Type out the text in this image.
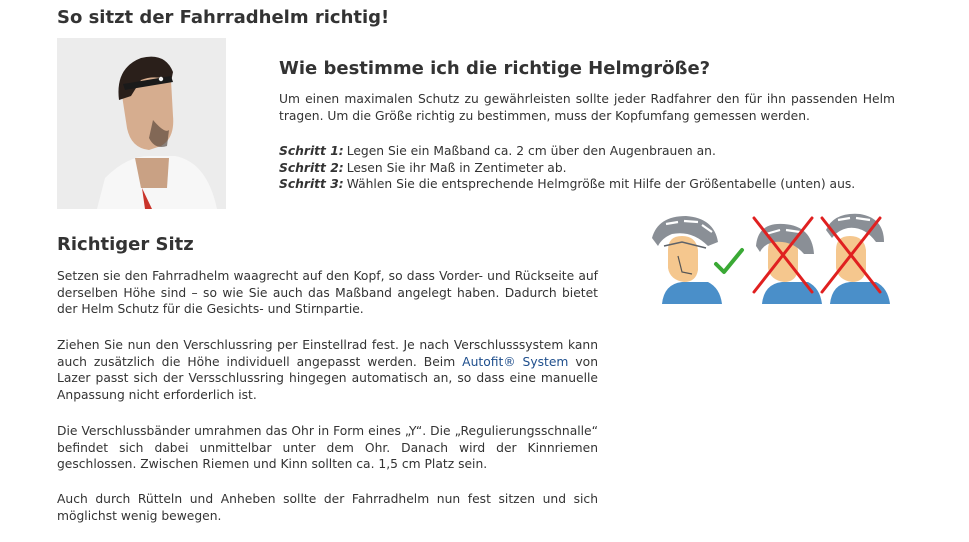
So sitzt der Fahrradhelm richtig!
Wie bestimme ich die richtige Helmgröße?
Um einen maximalen Schutz zu gewährleisten sollte jeder Radfahrer den für ihn passenden Helm tragen. Um die Größe richtig zu bestimmen, muss der Kopfumfang gemessen werden.
Schritt 1: Legen Sie ein Maßband ca. 2 cm über den Augenbrauen an.
Schritt 2: Lesen Sie ihr Maß in Zentimeter ab.
Schritt 3: Wählen Sie die entsprechende Helmgröße mit Hilfe der Größentabelle (unten) aus.
Richtiger Sitz
Setzen sie den Fahrradhelm waagrecht auf den Kopf, so dass Vorder- und Rückseite auf derselben Höhe sind – so wie Sie auch das Maßband angelegt haben. Dadurch bietet der Helm Schutz für die Gesichts- und Stirnpartie.
Ziehen Sie nun den Verschlussring per Einstellrad fest. Je nach Verschlusssystem kann auch zusätzlich die Höhe individuell angepasst werden. Beim Autofit® System von Lazer passt sich der Versschlussring hingegen automatisch an, so dass eine manuelle Anpassung nicht erforderlich ist.
Die Verschlussbänder umrahmen das Ohr in Form eines „Y“. Die „Regulierungsschnalle“ befindet sich dabei unmittelbar unter dem Ohr. Danach wird der Kinnriemen geschlossen. Zwischen Riemen und Kinn sollten ca. 1,5 cm Platz sein.
Auch durch Rütteln und Anheben sollte der Fahrradhelm nun fest sitzen und sich möglichst wenig bewegen.
